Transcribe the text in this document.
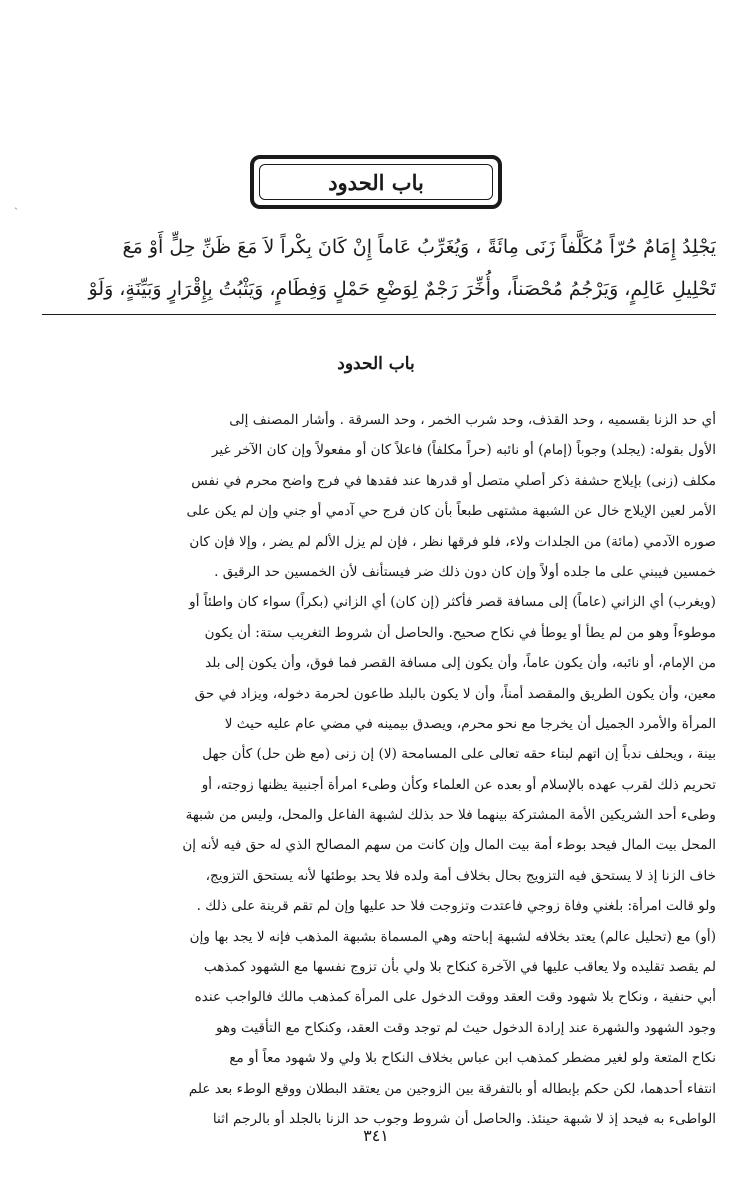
باب الحدود
يَجْلِدُ إِمَامٌ حُرّاً مُكَلَّفاً زَنَى مِائَةً ، وَيُغَرِّبُ عَاماً إِنْ كَانَ بِكْراً لاَ مَعَ ظَنِّ حِلٍّ أَوْ مَعَ
تَحْلِيلِ عَالِمٍ، وَيَرْجُمُ مُحْصَناً، وأُخِّرَ رَجْمٌ لِوَضْعِ حَمْلٍ وَفِطَامٍ، وَيَثْبُتُ بِإِقْرَارٍ وَبَيِّنَةٍ، وَلَوْ
باب الحدود
أي حد الزنا بقسميه ، وحد القذف، وحد شرب الخمر ، وحد السرقة . وأشار المصنف إلى
الأول بقوله: (يجلد) وجوباً (إمام) أو نائبه (حراً مكلفاً) فاعلاً كان أو مفعولاً وإن كان الآخر غير
مكلف (زنى) بإيلاج حشفة ذكر أصلي متصل أو قدرها عند فقدها في فرج واضح محرم في نفس
الأمر لعين الإيلاج خال عن الشبهة مشتهى طبعاً بأن كان فرج حي آدمي أو جني وإن لم يكن على
صوره الآدمي (مائة) من الجلدات ولاء، فلو فرقها نظر ، فإن لم يزل الألم لم يضر ، وإلا فإن كان
خمسين فيبني على ما جلده أولاً وإن كان دون ذلك ضر فيستأنف لأن الخمسين حد الرقيق .
(ويغرب) أي الزاني (عاماً) إلى مسافة قصر فأكثر (إن كان) أي الزاني (بكراً) سواء كان واطئاً أو
موطوءاً وهو من لم يطأ أو يوطأ في نكاح صحيح. والحاصل أن شروط التغريب ستة: أن يكون
من الإمام، أو نائبه، وأن يكون عاماً، وأن يكون إلى مسافة القصر فما فوق، وأن يكون إلى بلد
معين، وأن يكون الطريق والمقصد أمناً، وأن لا يكون بالبلد طاعون لحرمة دخوله، ويزاد في حق
المرأة والأمرد الجميل أن يخرجا مع نحو محرم، ويصدق بيمينه في مضي عام عليه حيث لا
بينة ، ويحلف ندباً إن اتهم لبناء حقه تعالى على المسامحة (لا) إن زنى (مع ظن حل) كأن جهل
تحريم ذلك لقرب عهده بالإسلام أو بعده عن العلماء وكأن وطىء امرأة أجنبية يظنها زوجته، أو
وطىء أحد الشريكين الأمة المشتركة بينهما فلا حد بذلك لشبهة الفاعل والمحل، وليس من شبهة
المحل بيت المال فيحد بوطء أمة بيت المال وإن كانت من سهم المصالح الذي له حق فيه لأنه إن
خاف الزنا إذ لا يستحق فيه التزويج بحال بخلاف أمة ولده فلا يحد بوطئها لأنه يستحق التزويج،
ولو قالت امرأة: بلغني وفاة زوجي فاعتدت وتزوجت فلا حد عليها وإن لم تقم قرينة على ذلك .
(أو) مع (تحليل عالم) يعتد بخلافه لشبهة إباحته وهي المسماة بشبهة المذهب فإنه لا يجد بها وإن
لم يقصد تقليده ولا يعاقب عليها في الآخرة كنكاح بلا ولي بأن تزوج نفسها مع الشهود كمذهب
أبي حنفية ، ونكاح بلا شهود وقت العقد ووقت الدخول على المرأة كمذهب مالك فالواجب عنده
وجود الشهود والشهرة عند إرادة الدخول حيث لم توجد وقت العقد، وكنكاح مع التأقيت وهو
نكاح المتعة ولو لغير مضطر كمذهب ابن عباس بخلاف النكاح بلا ولي ولا شهود معاً أو مع
انتفاء أحدهما، لكن حكم بإبطاله أو بالتفرقة بين الزوجين من يعتقد البطلان ووقع الوطء بعد علم
الواطىء به فيحد إذ لا شبهة حينئذ. والحاصل أن شروط وجوب حد الزنا بالجلد أو بالرجم اثنا
٣٤١
ˎ
